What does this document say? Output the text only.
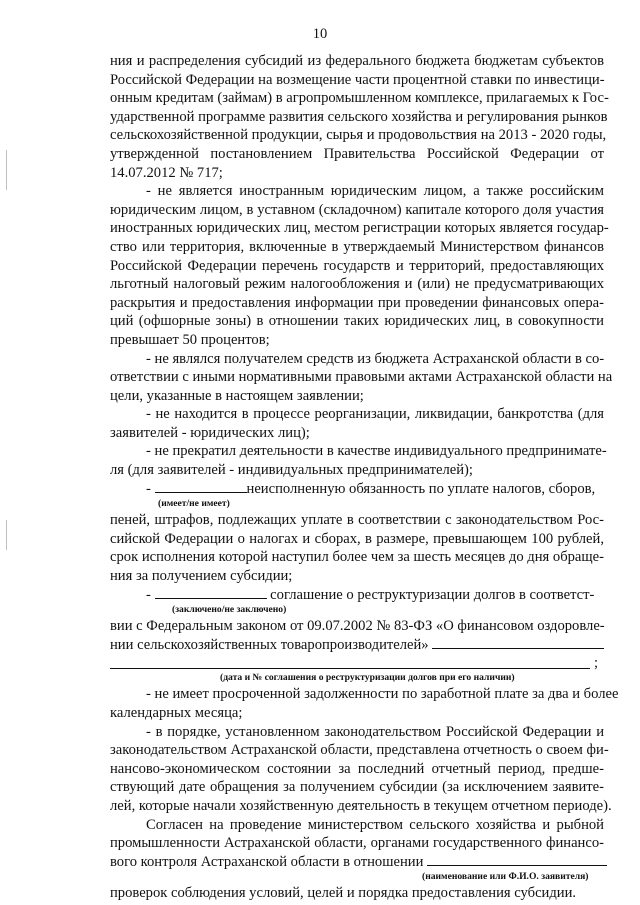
10
ния и распределения субсидий из федерального бюджета бюджетам субъектов
Российской Федерации на возмещение части процентной ставки по инвестици-
онным кредитам (займам) в агропромышленном комплексе, прилагаемых к Гос-
ударственной программе развития сельского хозяйства и регулирования рынков
сельскохозяйственной продукции, сырья и продовольствия на 2013 - 2020 годы,
утвержденной постановлением Правительства Российской Федерации от
14.07.2012 № 717;
- не является иностранным юридическим лицом, а также российским
юридическим лицом, в уставном (складочном) капитале которого доля участия
иностранных юридических лиц, местом регистрации которых является государ-
ство или территория, включенные в утверждаемый Министерством финансов
Российской Федерации перечень государств и территорий, предоставляющих
льготный налоговый режим налогообложения и (или) не предусматривающих
раскрытия и предоставления информации при проведении финансовых опера-
ций (офшорные зоны) в отношении таких юридических лиц, в совокупности
превышает 50 процентов;
- не являлся получателем средств из бюджета Астраханской области в со-
ответствии с иными нормативными правовыми актами Астраханской области на
цели, указанные в настоящем заявлении;
- не находится в процессе реорганизации, ликвидации, банкротства (для
заявителей - юридических лиц);
- не прекратил деятельности в качестве индивидуального предпринимате-
ля (для заявителей - индивидуальных предпринимателей);
-	неисполненную обязанность по уплате налогов, сборов,
(имеет/не имеет)
пеней, штрафов, подлежащих уплате в соответствии с законодательством Рос-
сийской Федерации о налогах и сборах, в размере, превышающем 100 рублей,
срок исполнения которой наступил более чем за шесть месяцев до дня обраще-
ния за получением субсидии;
-	соглашение о реструктуризации долгов в соответст-
(заключено/не заключено)
вии с Федеральным законом от 09.07.2002 № 83-ФЗ «О финансовом оздоровле-
нии сельскохозяйственных товаропроизводителей»
;
(дата и № соглашения о реструктуризации долгов при его наличии)
- не имеет просроченной задолженности по заработной плате за два и более
календарных месяца;
- в порядке, установленном законодательством Российской Федерации и
законодательством Астраханской области, представлена отчетность о своем фи-
нансово-экономическом состоянии за последний отчетный период, предше-
ствующий дате обращения за получением субсидии (за исключением заявите-
лей, которые начали хозяйственную деятельность в текущем отчетном периоде).
Согласен на проведение министерством сельского хозяйства и рыбной
промышленности Астраханской области, органами государственного финансо-
вого контроля Астраханской области в отношении
(наименование или Ф.И.О. заявителя)
проверок соблюдения условий, целей и порядка предоставления субсидии.
